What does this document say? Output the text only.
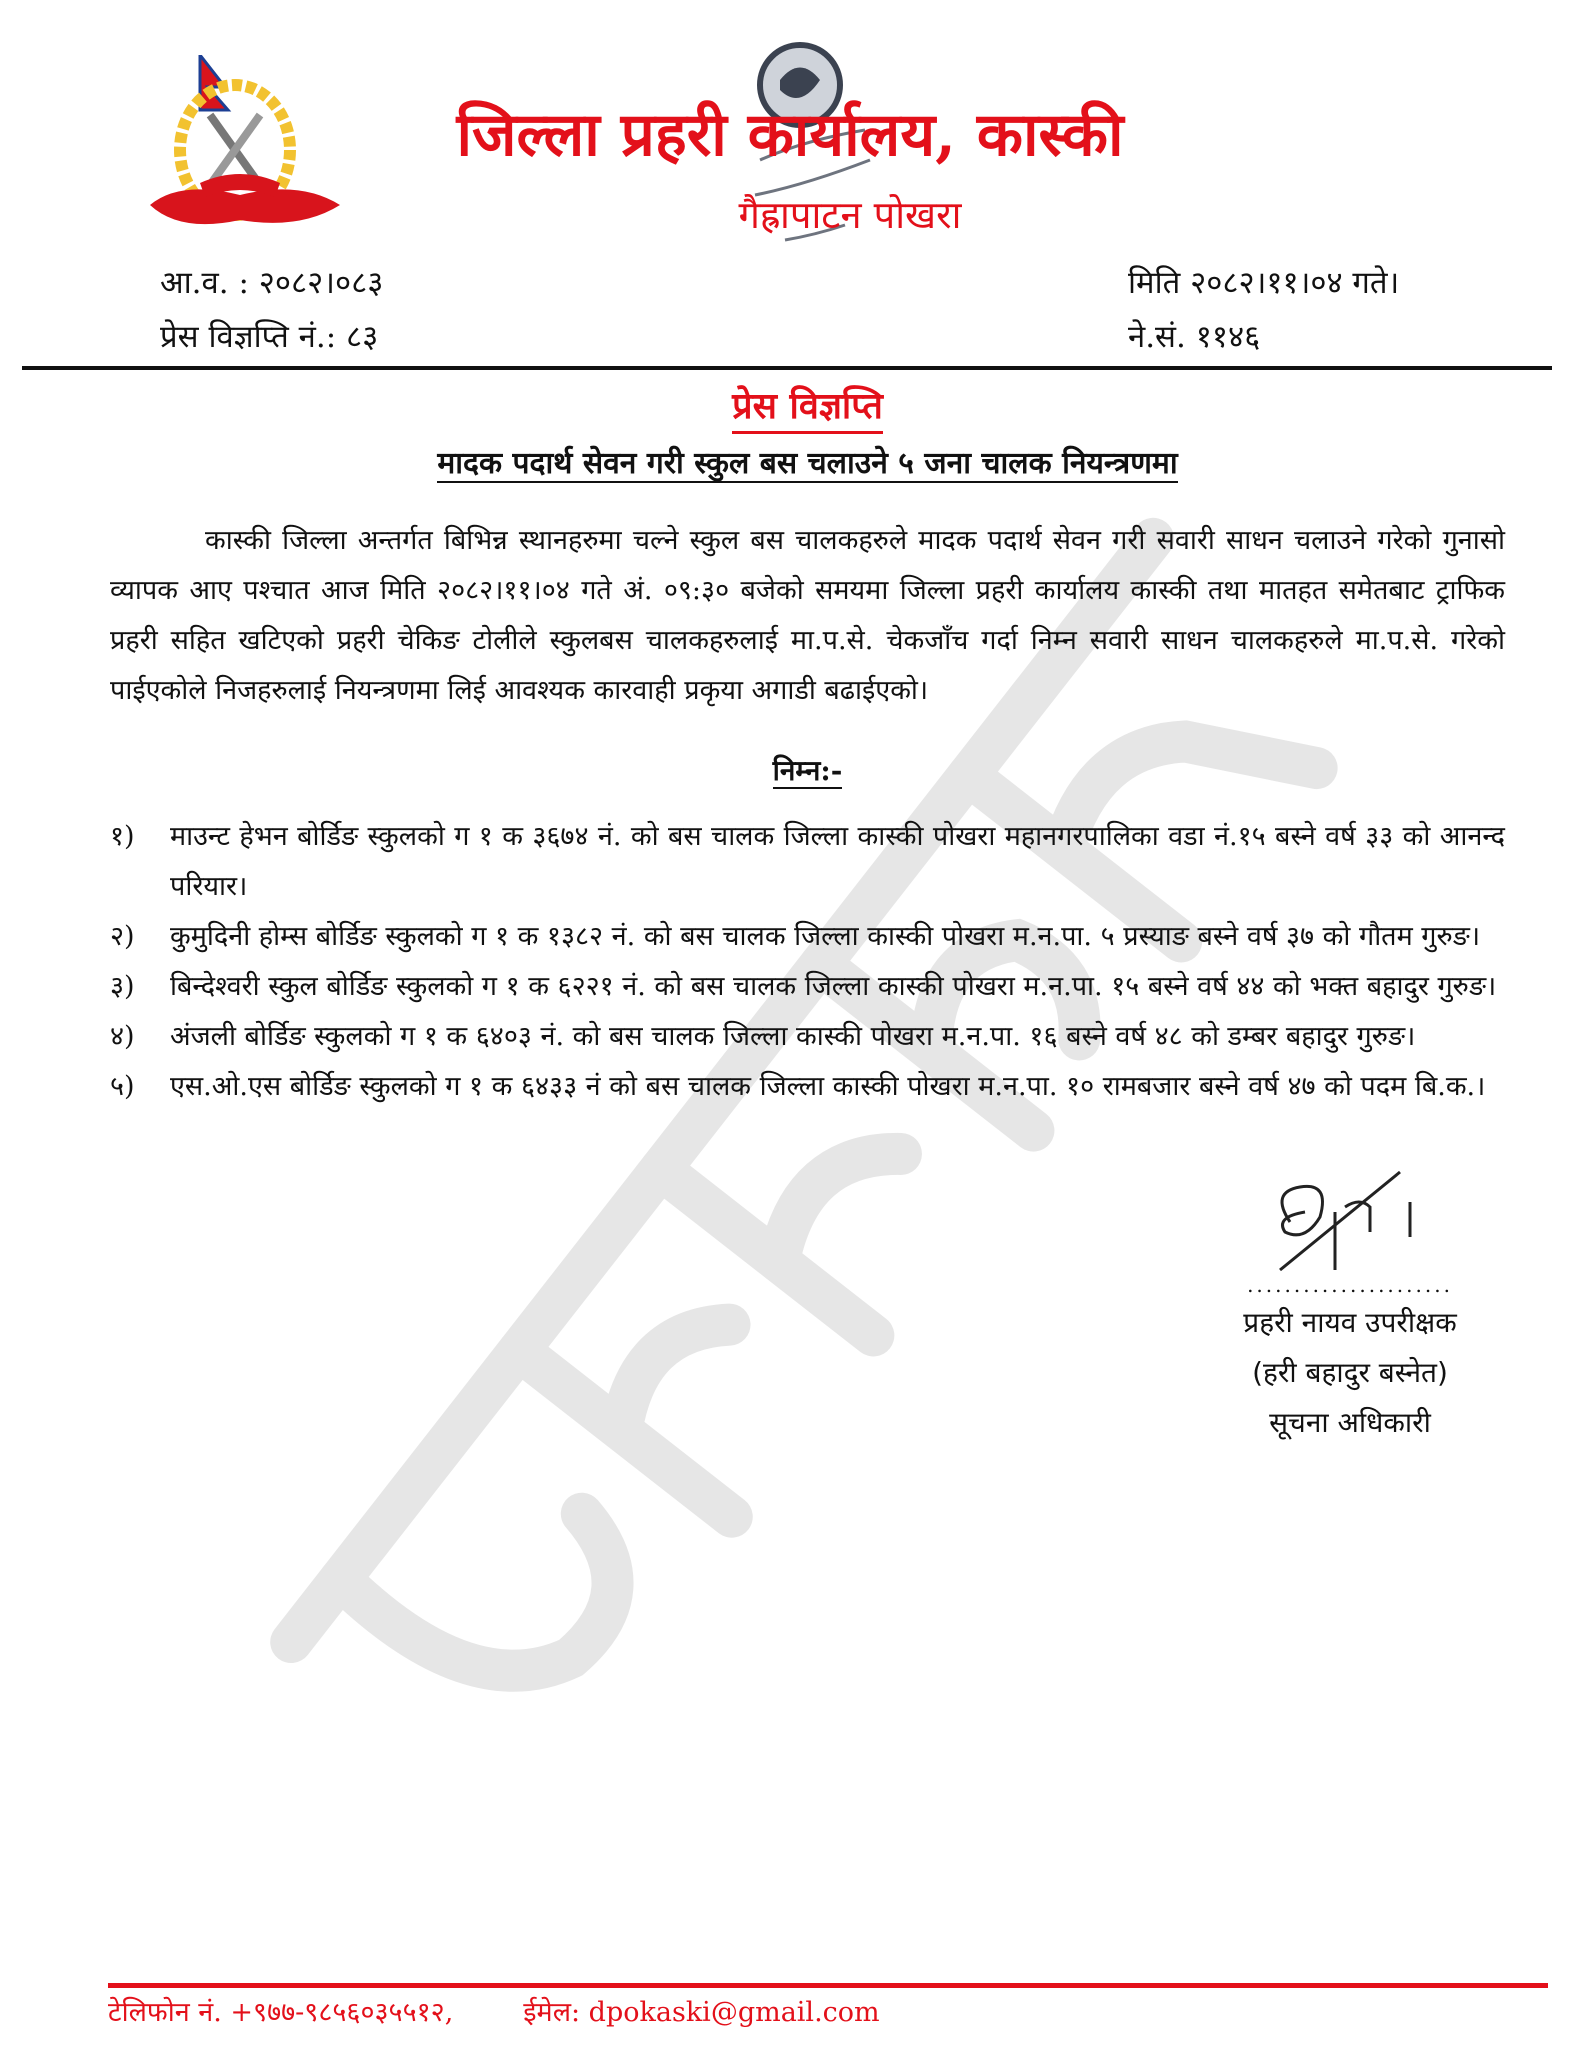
जिल्ला प्रहरी कार्यालय, कास्की
गैह्रापाटन पोखरा
आ.व. : २०८२।०८३
प्रेस विज्ञप्ति नं.: ८३
मिति २०८२।११।०४ गते।
ने.सं. ११४६
प्रेस विज्ञप्ति
मादक पदार्थ सेवन गरी स्कुल बस चलाउने ५ जना चालक नियन्त्रणमा
कास्की जिल्ला अन्तर्गत बिभिन्न स्थानहरुमा चल्ने स्कुल बस चालकहरुले मादक पदार्थ सेवन गरी सवारी साधन चलाउने गरेको गुनासो व्यापक आए पश्चात आज मिति २०८२।११।०४ गते अं. ०९:३० बजेको समयमा जिल्ला प्रहरी कार्यालय कास्की तथा मातहत समेतबाट ट्राफिक प्रहरी सहित खटिएको प्रहरी चेकिङ टोलीले स्कुलबस चालकहरुलाई मा.प.से. चेकजाँच गर्दा निम्न सवारी साधन चालकहरुले मा.प.से. गरेको पाईएकोले निजहरुलाई नियन्त्रणमा लिई आवश्यक कारवाही प्रकृया अगाडी बढाईएको।
निम्न:-
१)	माउन्ट हेभन बोर्डिङ स्कुलको ग १ क ३६७४ नं. को बस चालक जिल्ला कास्की पोखरा महानगरपालिका वडा नं.१५ बस्ने वर्ष ३३ को आनन्द परियार।
२)	कुमुदिनी होम्स बोर्डिङ स्कुलको ग १ क १३८२ नं. को बस चालक जिल्ला कास्की पोखरा म.न.पा. ५ प्रस्याङ बस्ने वर्ष ३७ को गौतम गुरुङ।
३)	बिन्देश्वरी स्कुल बोर्डिङ स्कुलको ग १ क ६२२१ नं. को बस चालक जिल्ला कास्की पोखरा म.न.पा. १५ बस्ने वर्ष ४४ को भक्त बहादुर गुरुङ।
४)	अंजली बोर्डिङ स्कुलको ग १ क ६४०३ नं. को बस चालक जिल्ला कास्की पोखरा म.न.पा. १६ बस्ने वर्ष ४८ को डम्बर बहादुर गुरुङ।
५)	एस.ओ.एस बोर्डिङ स्कुलको ग १ क ६४३३ नं को बस चालक जिल्ला कास्की पोखरा म.न.पा. १० रामबजार बस्ने वर्ष ४७ को पदम बि.क.।
......................
प्रहरी नायव उपरीक्षक
(हरी बहादुर बस्नेत)
सूचना अधिकारी
टेलिफोन नं. +९७७-९८५६०३५५१२,	ईमेल: dpokaski@gmail.com
